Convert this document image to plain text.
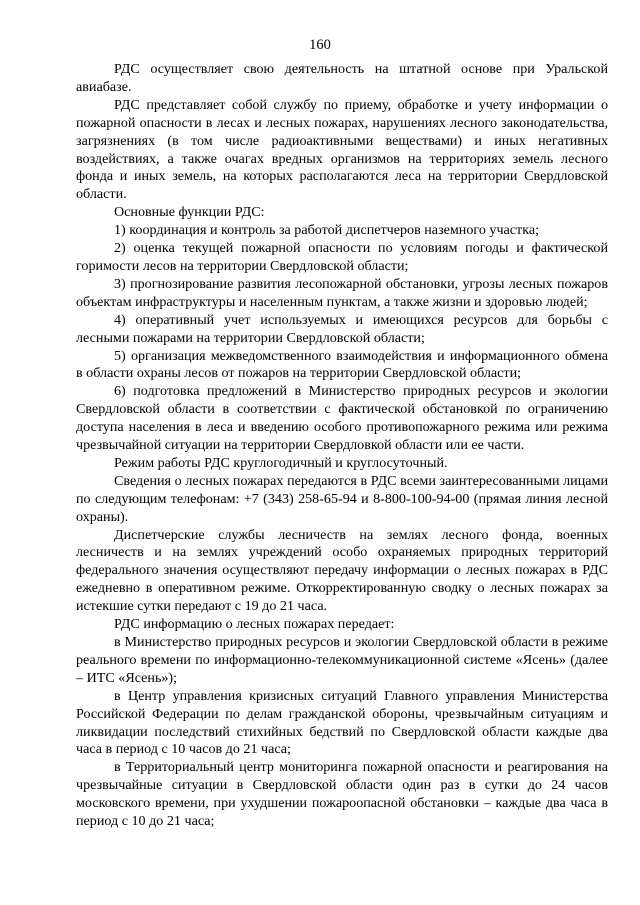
160

РДС осуществляет свою деятельность на штатной основе при Уральской авиабазе.

РДС представляет собой службу по приему, обработке и учету информации о пожарной опасности в лесах и лесных пожарах, нарушениях лесного законодательства, загрязнениях (в том числе радиоактивными веществами) и иных негативных воздействиях, а также очагах вредных организмов на территориях земель лесного фонда и иных земель, на которых располагаются леса на территории Свердловской области.

Основные функции РДС:

1) координация и контроль за работой диспетчеров наземного участка;

2) оценка текущей пожарной опасности по условиям погоды и фактической горимости лесов на территории Свердловской области;

3) прогнозирование развития лесопожарной обстановки, угрозы лесных пожаров объектам инфраструктуры и населенным пунктам, а также жизни и здоровью людей;

4) оперативный учет используемых и имеющихся ресурсов для борьбы с лесными пожарами на территории Свердловской области;

5) организация межведомственного взаимодействия и информационного обмена в области охраны лесов от пожаров на территории Свердловской области;

6) подготовка предложений в Министерство природных ресурсов и экологии Свердловской области в соответствии с фактической обстановкой по ограничению доступа населения в леса и введению особого противопожарного режима или режима чрезвычайной ситуации на территории Свердловкой области или ее части.

Режим работы РДС круглогодичный и круглосуточный.

Сведения о лесных пожарах передаются в РДС всеми заинтересованными лицами по следующим телефонам: +7 (343) 258-65-94 и 8-800-100-94-00 (прямая линия лесной охраны).

Диспетчерские службы лесничеств на землях лесного фонда, военных лесничеств и на землях учреждений особо охраняемых природных территорий федерального значения осуществляют передачу информации о лесных пожарах в РДС ежедневно в оперативном режиме. Откорректированную сводку о лесных пожарах за истекшие сутки передают с 19 до 21 часа.

РДС информацию о лесных пожарах передает:

в Министерство природных ресурсов и экологии Свердловской области в режиме реального времени по информационно-телекоммуникационной системе «Ясень» (далее – ИТС «Ясень»);

в Центр управления кризисных ситуаций Главного управления Министерства Российской Федерации по делам гражданской обороны, чрезвычайным ситуациям и ликвидации последствий стихийных бедствий по Свердловской области каждые два часа в период с 10 часов до 21 часа;

в Территориальный центр мониторинга пожарной опасности и реагирования на чрезвычайные ситуации в Свердловской области один раз в сутки до 24 часов московского времени, при ухудшении пожароопасной обстановки – каждые два часа в период с 10 до 21 часа;
